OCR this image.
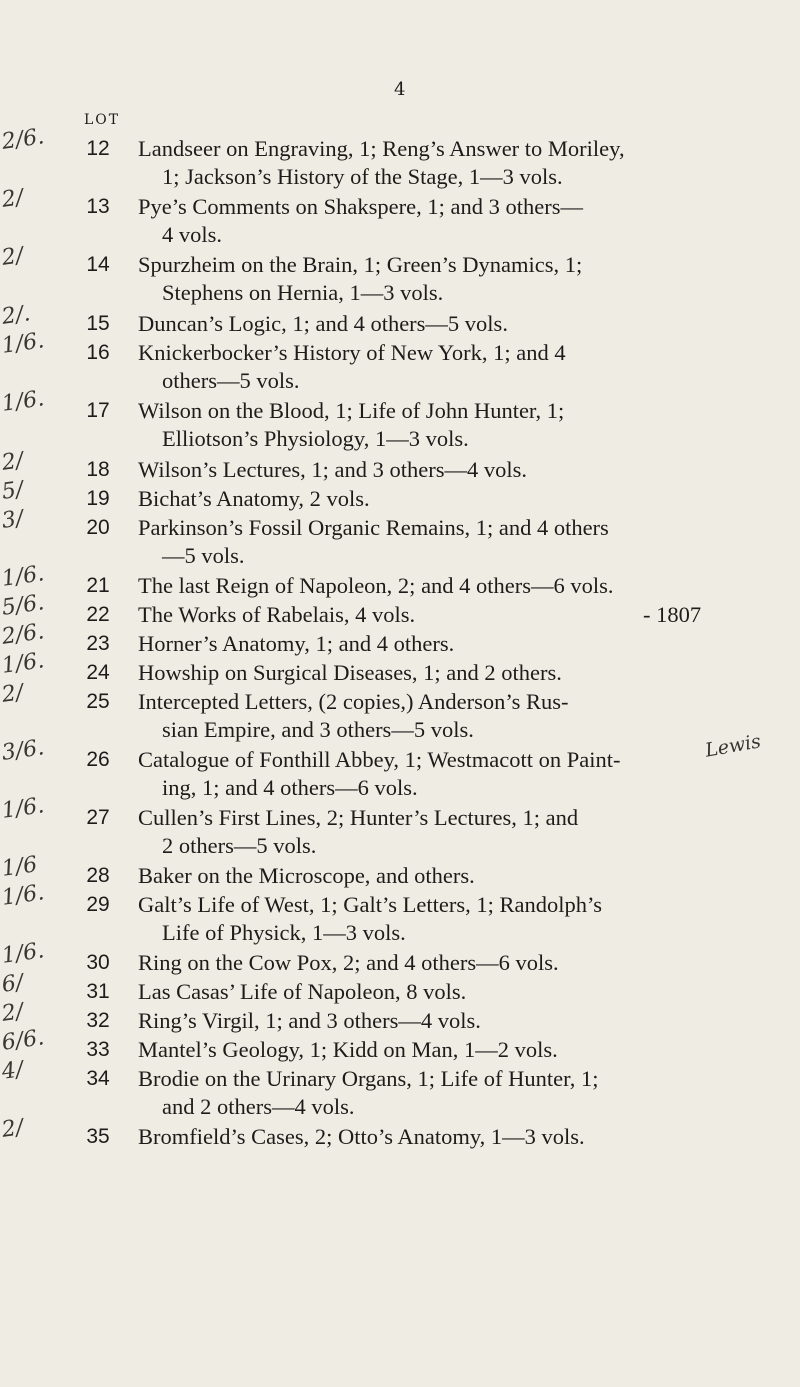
4
LOT
2/6.	12	Landseer on Engraving, 1; Reng’s Answer to Moriley,
1; Jackson’s History of the Stage, 1—3 vols.
2/	13	Pye’s Comments on Shakspere, 1; and 3 others—
4 vols.
2/	14	Spurzheim on the Brain, 1; Green’s Dynamics, 1;
Stephens on Hernia, 1—3 vols.
2/.	15	Duncan’s Logic, 1; and 4 others—5 vols.
1/6.	16	Knickerbocker’s History of New York, 1; and 4
others—5 vols.
1/6.	17	Wilson on the Blood, 1; Life of John Hunter, 1;
Elliotson’s Physiology, 1—3 vols.
2/	18	Wilson’s Lectures, 1; and 3 others—4 vols.
5/	19	Bichat’s Anatomy, 2 vols.
3/	20	Parkinson’s Fossil Organic Remains, 1; and 4 others
—5 vols.
1/6.	21	The last Reign of Napoleon, 2; and 4 others—6 vols.
5/6.	22	The Works of Rabelais, 4 vols.	- 1807
2/6.	23	Horner’s Anatomy, 1; and 4 others.
1/6.	24	Howship on Surgical Diseases, 1; and 2 others.
2/	25	Intercepted Letters, (2 copies,) Anderson’s Rus-
sian Empire, and 3 others—5 vols.
3/6.	26	Catalogue of Fonthill Abbey, 1; Westmacott on Paint-
ing, 1; and 4 others—6 vols.
1/6.	27	Cullen’s First Lines, 2; Hunter’s Lectures, 1; and
2 others—5 vols.
1/6	28	Baker on the Microscope, and others.
1/6.	29	Galt’s Life of West, 1; Galt’s Letters, 1; Randolph’s
Life of Physick, 1—3 vols.
1/6.	30	Ring on the Cow Pox, 2; and 4 others—6 vols.
6/	31	Las Casas’ Life of Napoleon, 8 vols.
2/	32	Ring’s Virgil, 1; and 3 others—4 vols.
6/6.	33	Mantel’s Geology, 1; Kidd on Man, 1—2 vols.
4/	34	Brodie on the Urinary Organs, 1; Life of Hunter, 1;
and 2 others—4 vols.
2/	35	Bromfield’s Cases, 2; Otto’s Anatomy, 1—3 vols.
Lewis
